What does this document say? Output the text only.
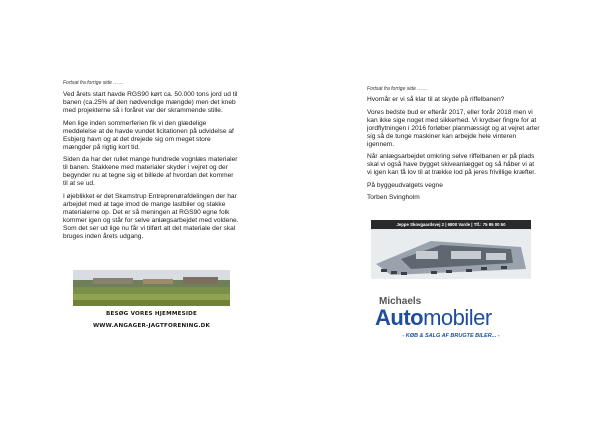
Fortsat fra forrige side ……

Ved årets start havde RGS90 kørt ca. 50.000 tons jord ud til banen (ca.25% af den nødvendige mængde) men det kneb med projekterne så i foråret var der skrammende stille.

Men lige inden sommerferien fik vi den glædelige meddelelse at de havde vundet licitationen på udvidelse af Esbjerg havn og at det drejede sig om meget store mængder på rigtig kort tid.

Siden da har der rullet mange hundrede vognlæs materialer til banen. Stakkene med materialer skyder i vejret og der begynder nu at tegne sig et billede af hvordan det kommer til at se ud.

I øjeblikket er det Skamstrup Entreprenørafdelingen der har arbejdet med at tage imod de mange lastbiler og stakke materialerne op. Det er så meningen at RGS90 egne folk kommer igen og står for selve anlægsarbejdet med voldene. Som det ser ud lige nu får vi tilført alt det materiale der skal bruges inden årets udgang.

BESØG VORES HJEMMESIDE
WWW.ANGAGER-JAGTFORENING.DK
Fortsat fra forrige side ……

Hvornår er vi så klar til at skyde på riffelbanen?

Vores bedste bud er efterår 2017, eller forår 2018 men vi kan ikke sige noget med sikkerhed. Vi krydser fingre for at jordflytningen i 2016 forløber planmæssigt og at vejret arter sig så de tunge maskiner kan arbejde hele vinteren igennem.

Når anlægsarbejdet omkring selve riffelbanen er på plads skal vi også have bygget skiveanlægget og så håber vi at vi igen kan få lov til at trække lod på jeres frivillige kræfter.

På byggeudvalgets vegne

Torben Svingholm

Jeppe Skovgaardsvej 2 | 6800 Varde | Tlf.: 75 95 00 50
Michaels
Automobiler
- KØB & SALG AF BRUGTE BILER... -
